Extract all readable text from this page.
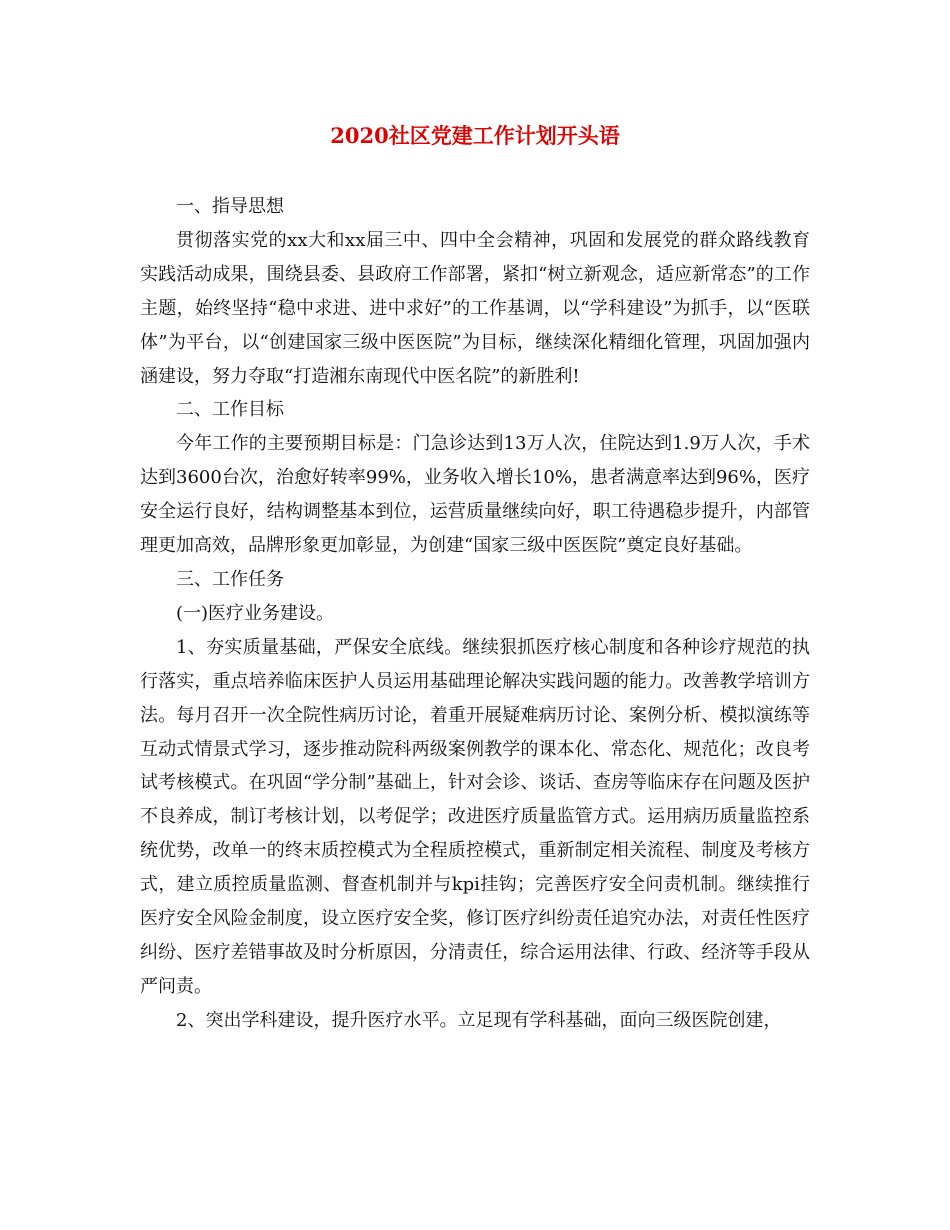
2020社区党建工作计划开头语

一、指导思想

贯彻落实党的xx大和xx届三中、四中全会精神，巩固和发展党的群众路线教育实践活动成果，围绕县委、县政府工作部署，紧扣“树立新观念，适应新常态”的工作主题，始终坚持“稳中求进、进中求好”的工作基调，以“学科建设”为抓手，以“医联体”为平台，以“创建国家三级中医医院”为目标，继续深化精细化管理，巩固加强内涵建设，努力夺取“打造湘东南现代中医名院”的新胜利!

二、工作目标

今年工作的主要预期目标是：门急诊达到13万人次，住院达到1.9万人次，手术达到3600台次，治愈好转率99%，业务收入增长10%，患者满意率达到96%，医疗安全运行良好，结构调整基本到位，运营质量继续向好，职工待遇稳步提升，内部管理更加高效，品牌形象更加彰显，为创建“国家三级中医医院”奠定良好基础。

三、工作任务

(一)医疗业务建设。

1、夯实质量基础，严保安全底线。继续狠抓医疗核心制度和各种诊疗规范的执行落实，重点培养临床医护人员运用基础理论解决实践问题的能力。改善教学培训方法。每月召开一次全院性病历讨论，着重开展疑难病历讨论、案例分析、模拟演练等互动式情景式学习，逐步推动院科两级案例教学的课本化、常态化、规范化；改良考试考核模式。在巩固“学分制”基础上，针对会诊、谈话、查房等临床存在问题及医护不良养成，制订考核计划，以考促学；改进医疗质量监管方式。运用病历质量监控系统优势，改单一的终末质控模式为全程质控模式，重新制定相关流程、制度及考核方式，建立质控质量监测、督查机制并与kpi挂钩；完善医疗安全问责机制。继续推行医疗安全风险金制度，设立医疗安全奖，修订医疗纠纷责任追究办法，对责任性医疗纠纷、医疗差错事故及时分析原因，分清责任，综合运用法律、行政、经济等手段从严问责。

2、突出学科建设，提升医疗水平。立足现有学科基础，面向三级医院创建，
